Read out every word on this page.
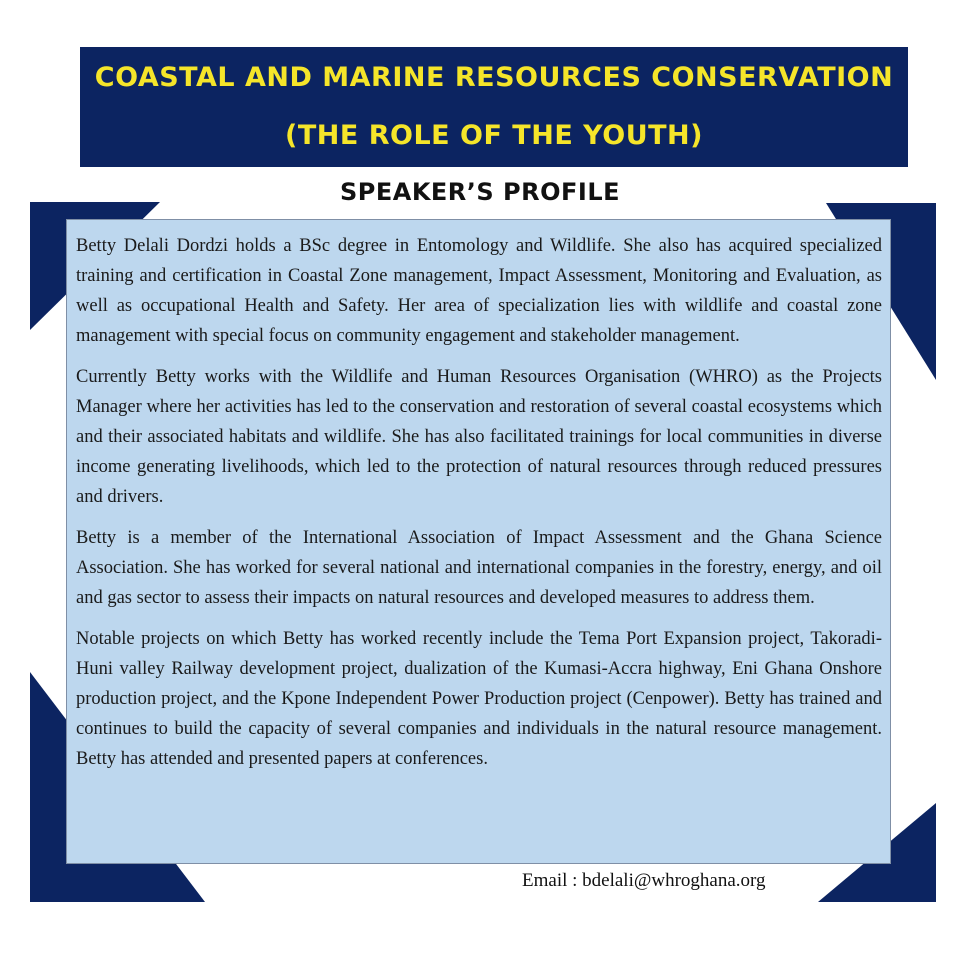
COASTAL AND MARINE RESOURCES CONSERVATION
(THE ROLE OF THE YOUTH)
SPEAKER’S PROFILE

Betty Delali Dordzi holds a BSc degree in Entomology and Wildlife. She also has acquired specialized training and certification in Coastal Zone management, Impact Assessment, Monitoring and Evaluation, as well as occupational Health and Safety. Her area of specialization lies with wildlife and coastal zone management with special focus on community engagement and stakeholder management.

Currently Betty works with the Wildlife and Human Resources Organisation (WHRO) as the Projects Manager where her activities has led to the conservation and restoration of several coastal ecosystems which and their associated habitats and wildlife. She has also facilitated trainings for local communities in diverse income generating livelihoods, which led to the protection of natural resources through reduced pressures and drivers.

Betty is a member of the International Association of Impact Assessment and the Ghana Science Association. She has worked for several national and international companies in the forestry, energy, and oil and gas sector to assess their impacts on natural resources and developed measures to address them.

Notable projects on which Betty has worked recently include the Tema Port Expansion project, Takoradi-Huni valley Railway development project, dualization of the Kumasi-Accra highway, Eni Ghana Onshore production project, and the Kpone Independent Power Production project (Cenpower). Betty has trained and continues to build the capacity of several companies and individuals in the natural resource management. Betty has attended and presented papers at conferences.

Email : bdelali@whroghana.org
